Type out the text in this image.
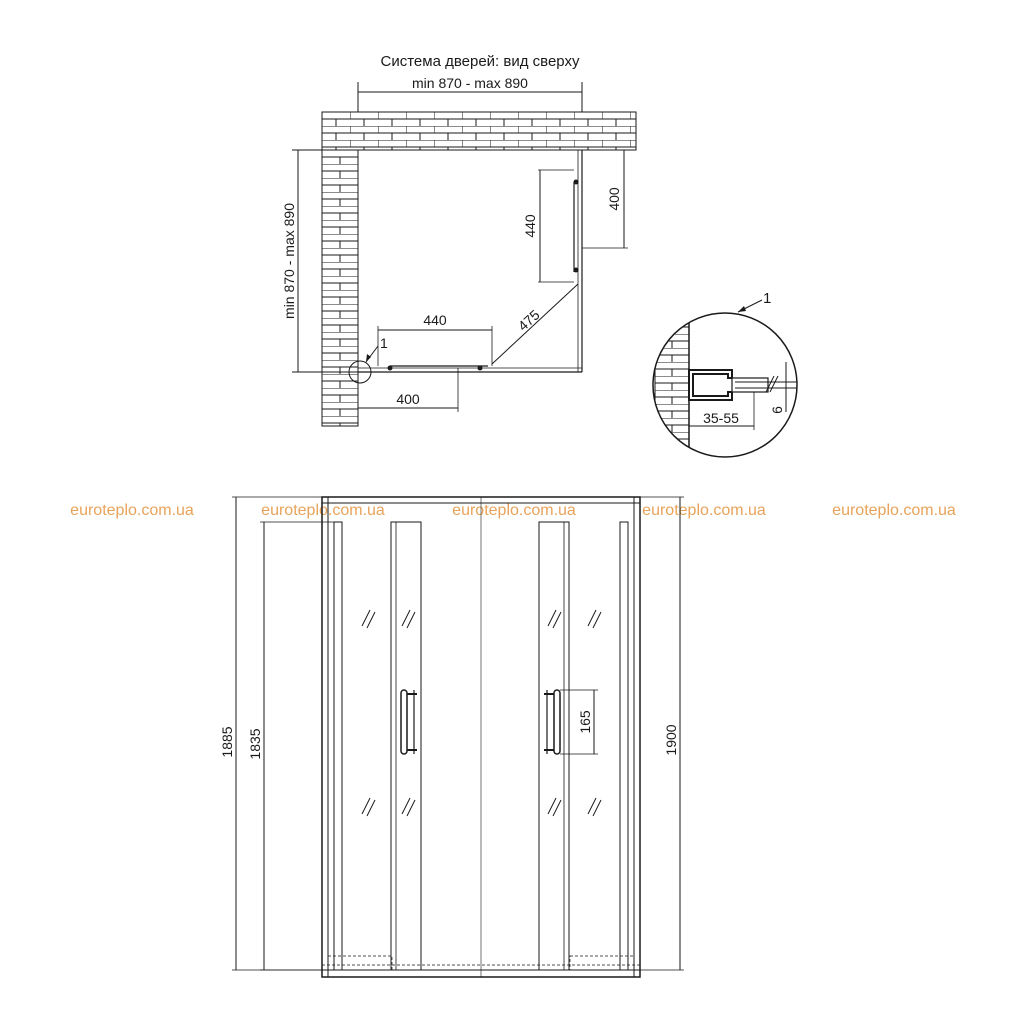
Система дверей: вид сверху
min 870 - max 890
min 870 - max 890	440
400
440
400
475
1
35-55 6
1
euroteplo.com.ua	euroteplo.com.ua	euroteplo.com.ua	euroteplo.com.ua	euroteplo.com.ua
1885 1835	1900
165
